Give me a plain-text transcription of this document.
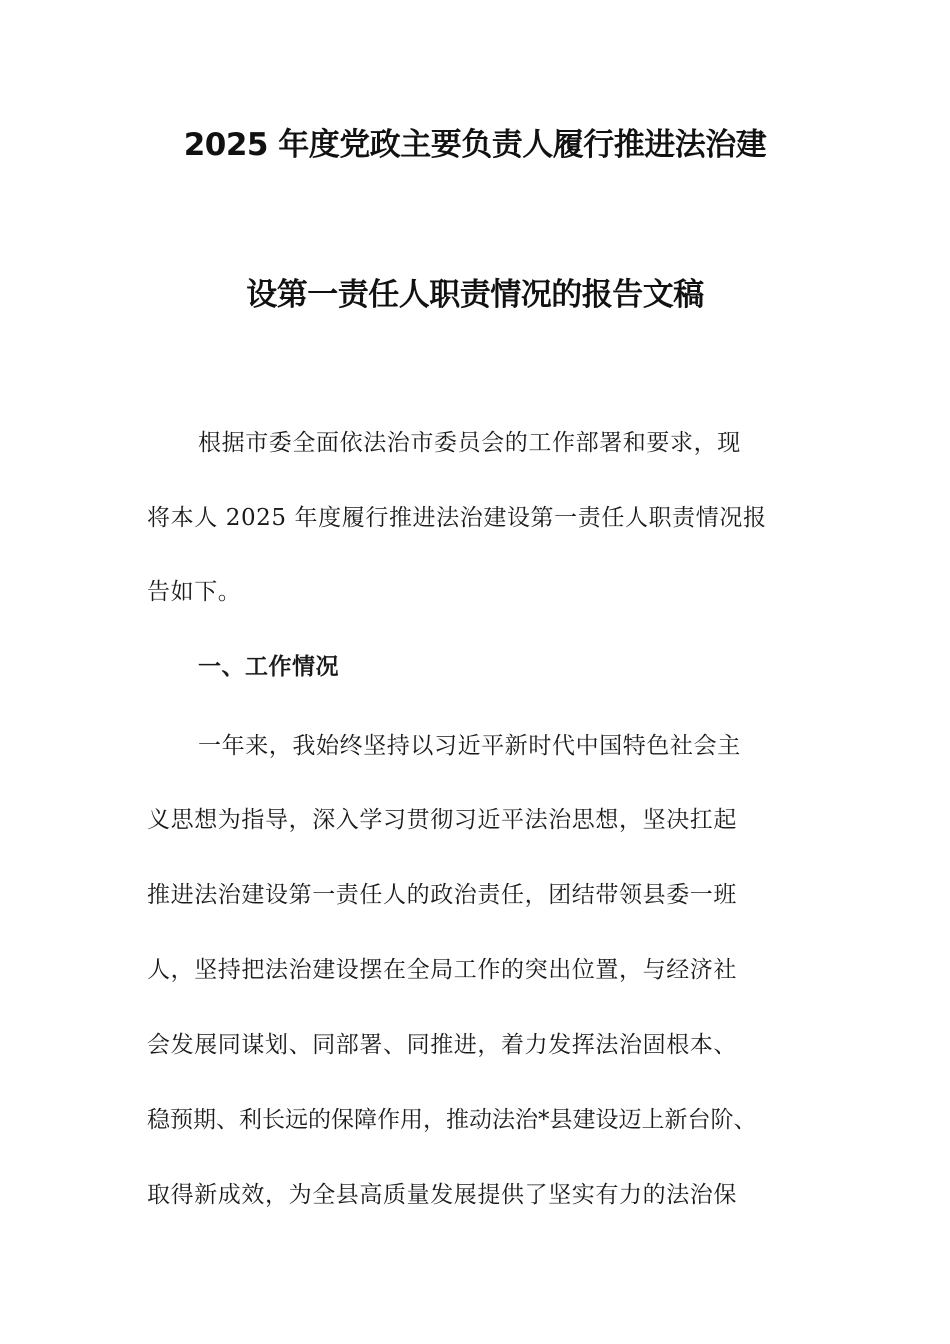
2025 年度党政主要负责人履行推进法治建
设第一责任人职责情况的报告文稿
根据市委全面依法治市委员会的工作部署和要求，现
将本人 2025 年度履行推进法治建设第一责任人职责情况报
告如下。
一、工作情况
一年来，我始终坚持以习近平新时代中国特色社会主
义思想为指导，深入学习贯彻习近平法治思想，坚决扛起
推进法治建设第一责任人的政治责任，团结带领县委一班
人，坚持把法治建设摆在全局工作的突出位置，与经济社
会发展同谋划、同部署、同推进，着力发挥法治固根本、
稳预期、利长远的保障作用，推动法治*县建设迈上新台阶、
取得新成效，为全县高质量发展提供了坚实有力的法治保
